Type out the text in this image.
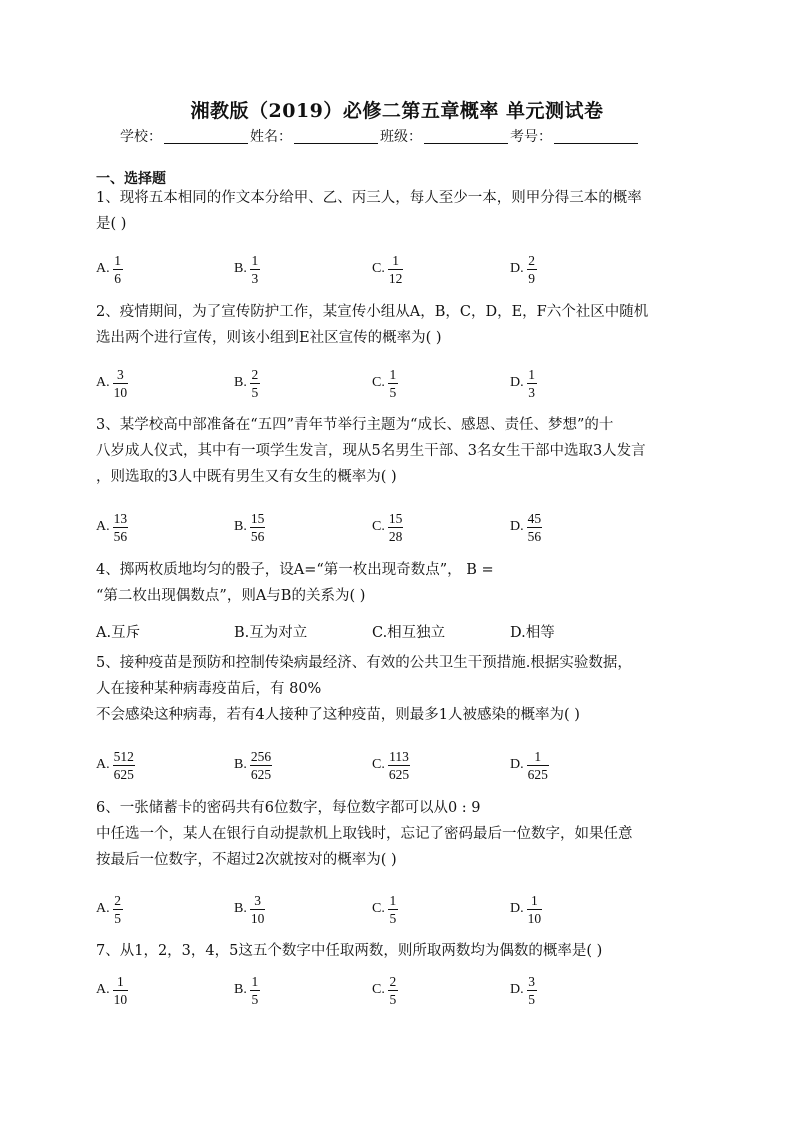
湘教版（2019）必修二第五章概率 单元测试卷
学校：	姓名：	班级：	考号：
一、选择题
1、现将五本相同的作文本分给甲、乙、丙三人，每人至少一本，则甲分得三本的概率
是( )
A. $\frac{1}{6}$	B. $\frac{1}{3}$	C. $\frac{1}{12}$	D. $\frac{2}{9}$
2、疫情期间，为了宣传防护工作，某宣传小组从A，B，C，D，E，F六个社区中随机
选出两个进行宣传，则该小组到E社区宣传的概率为( )
A. $\frac{3}{10}$	B. $\frac{2}{5}$	C. $\frac{1}{5}$	D. $\frac{1}{3}$
3、某学校高中部准备在“五四”青年节举行主题为“成长、感恩、责任、梦想”的十
八岁成人仪式，其中有一项学生发言，现从5名男生干部、3名女生干部中选取3人发言
，则选取的3人中既有男生又有女生的概率为( )
A. $\frac{13}{56}$	B. $\frac{15}{56}$	C. $\frac{15}{28}$	D. $\frac{45}{56}$
4、掷两枚质地均匀的骰子，设A=“第一枚出现奇数点”， B =
“第二枚出现偶数点”，则A与B的关系为( )
A.互斥	B.互为对立	C.相互独立	D.相等
5、接种疫苗是预防和控制传染病最经济、有效的公共卫生干预措施.根据实验数据，
人在接种某种病毒疫苗后，有 80%
不会感染这种病毒，若有4人接种了这种疫苗，则最多1人被感染的概率为( )
A. $\frac{512}{625}$	B. $\frac{256}{625}$	C. $\frac{113}{625}$	D. $\frac{1}{625}$
6、一张储蓄卡的密码共有6位数字，每位数字都可以从0 : 9
中任选一个，某人在银行自动提款机上取钱时，忘记了密码最后一位数字，如果任意
按最后一位数字，不超过2次就按对的概率为( )
A. $\frac{2}{5}$	B. $\frac{3}{10}$	C. $\frac{1}{5}$	D. $\frac{1}{10}$
7、从1，2，3，4，5这五个数字中任取两数，则所取两数均为偶数的概率是( )
A. $\frac{1}{10}$	B. $\frac{1}{5}$	C. $\frac{2}{5}$	D. $\frac{3}{5}$
